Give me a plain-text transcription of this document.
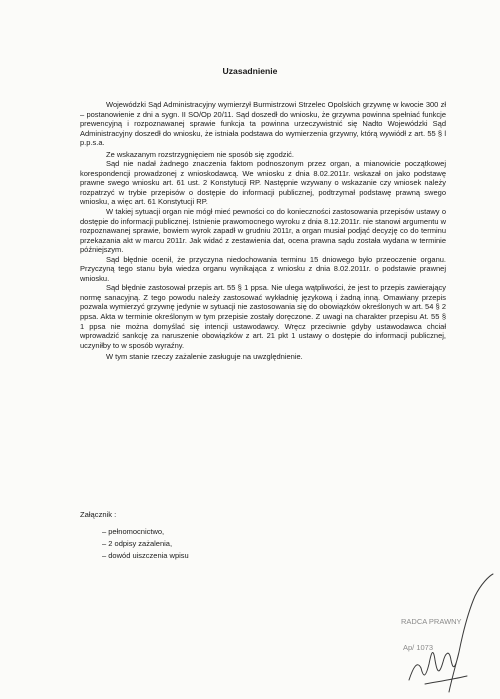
Uzasadnienie

Wojewódzki Sąd Administracyjny wymierzył Burmistrzowi Strzelec Opolskich grzywnę w kwocie 300 zł – postanowienie z dni a sygn. II SO/Op 20/11. Sąd doszedł do wniosku, że grzywna powinna spełniać funkcje prewencyjną i rozpoznawanej sprawie funkcja ta powinna urzeczywistnić się Nadto Wojewódzki Sąd Administracyjny doszedł do wniosku, że istniała podstawa do wymierzenia grzywny, którą wywiódł z art. 55 § l p.p.s.a.

Ze wskazanym rozstrzygnięciem nie sposób się zgodzić.

Sąd nie nadał żadnego znaczenia faktom podnoszonym przez organ, a mianowicie początkowej korespondencji prowadzonej z wnioskodawcą. We wniosku z dnia 8.02.2011r. wskazał on jako podstawę prawne swego wniosku art. 61 ust. 2 Konstytucji RP. Następnie wzywany o wskazanie czy wniosek należy rozpatrzyć w trybie przepisów o dostępie do informacji publicznej, podtrzymał podstawę prawną swego wniosku, a więc art. 61 Konstytucji RP.

W takiej sytuacji organ nie mógł mieć pewności co do konieczności zastosowania przepisów ustawy o dostępie do informacji publicznej. Istnienie prawomocnego wyroku z dnia 8.12.2011r. nie stanowi argumentu w rozpoznawanej sprawie, bowiem wyrok zapadł w grudniu 2011r, a organ musiał podjąć decyzję co do terminu przekazania akt w marcu 2011r. Jak widać z zestawienia dat, ocena prawna sądu została wydana w terminie późniejszym.

Sąd błędnie ocenił, że przyczyna niedochowania terminu 15 dniowego było przeoczenie organu. Przyczyną tego stanu była wiedza organu wynikająca z wniosku z dnia 8.02.2011r. o podstawie prawnej wniosku.

Sąd błędnie zastosował przepis art. 55 § 1 ppsa. Nie ulega wątpliwości, że jest to przepis zawierający normę sanacyjną. Z tego powodu należy zastosować wykładnię językową i żadną inną. Omawiany przepis pozwala wymierzyć grzywnę jedynie w sytuacji nie zastosowania się do obowiązków określonych w art. 54 § 2 ppsa. Akta w terminie określonym w tym przepisie zostały doręczone. Z uwagi na charakter przepisu At. 55 § 1 ppsa nie można domyślać się intencji ustawodawcy. Wręcz przeciwnie gdyby ustawodawca chciał wprowadzić sankcję za naruszenie obowiązków z art. 21 pkt 1 ustawy o dostępie do informacji publicznej, uczyniłby to w sposób wyraźny.

W tym stanie rzeczy zażalenie zasługuje na uwzględnienie.

Załącznik :
– pełnomocnictwo,
– 2 odpisy zażalenia,
– dowód uiszczenia wpisu
RADCA PRAWNY
Ap/ 1073
